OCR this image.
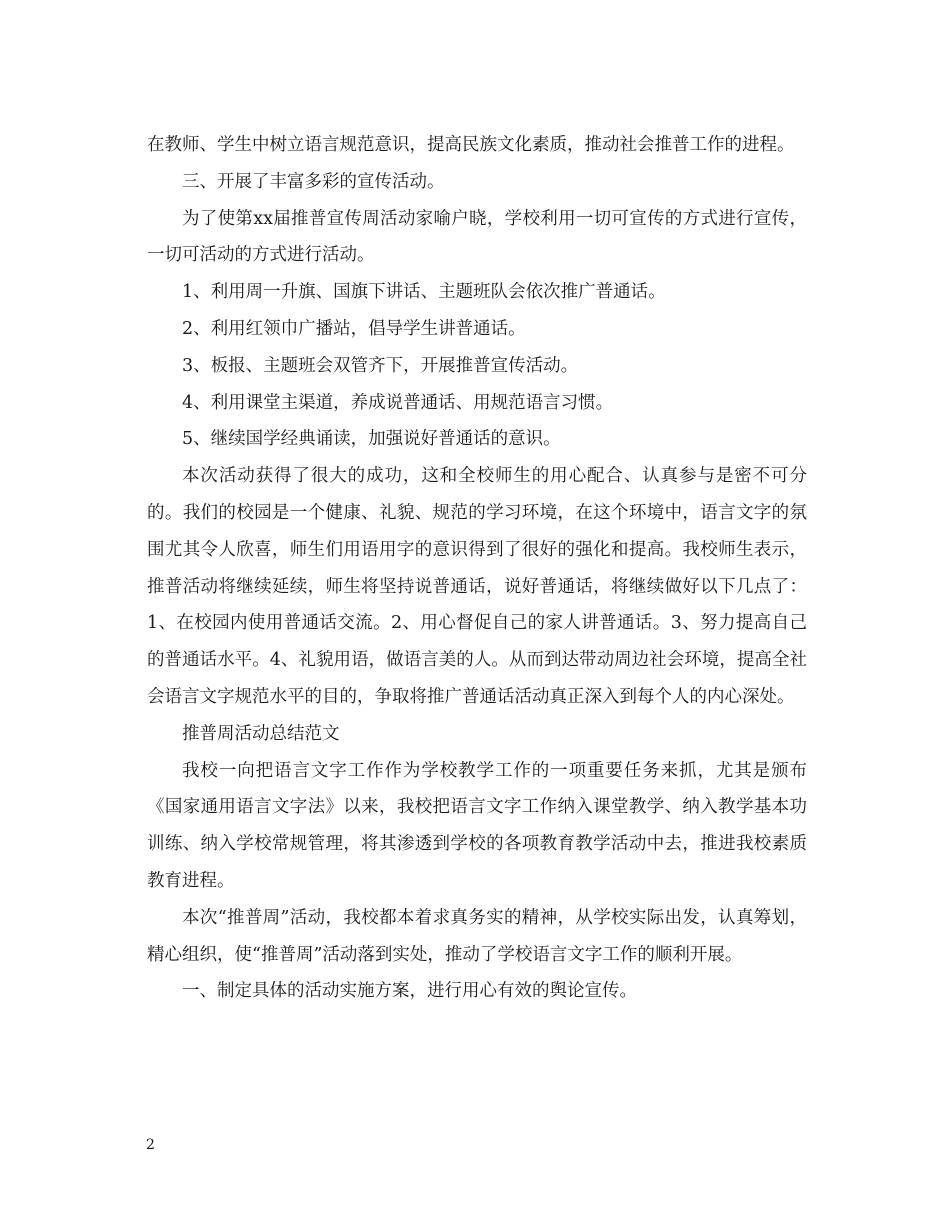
在教师、学生中树立语言规范意识，提高民族文化素质，推动社会推普工作的进程。

三、开展了丰富多彩的宣传活动。

为了使第xx届推普宣传周活动家喻户晓，学校利用一切可宣传的方式进行宣传，一切可活动的方式进行活动。

1、利用周一升旗、国旗下讲话、主题班队会依次推广普通话。

2、利用红领巾广播站，倡导学生讲普通话。

3、板报、主题班会双管齐下，开展推普宣传活动。

4、利用课堂主渠道，养成说普通话、用规范语言习惯。

5、继续国学经典诵读，加强说好普通话的意识。

本次活动获得了很大的成功，这和全校师生的用心配合、认真参与是密不可分的。我们的校园是一个健康、礼貌、规范的学习环境，在这个环境中，语言文字的氛围尤其令人欣喜，师生们用语用字的意识得到了很好的强化和提高。我校师生表示，推普活动将继续延续，师生将坚持说普通话，说好普通话，将继续做好以下几点了：1、在校园内使用普通话交流。2、用心督促自己的家人讲普通话。3、努力提高自己的普通话水平。4、礼貌用语，做语言美的人。从而到达带动周边社会环境，提高全社会语言文字规范水平的目的，争取将推广普通话活动真正深入到每个人的内心深处。

推普周活动总结范文

我校一向把语言文字工作作为学校教学工作的一项重要任务来抓，尤其是颁布《国家通用语言文字法》以来，我校把语言文字工作纳入课堂教学、纳入教学基本功训练、纳入学校常规管理，将其渗透到学校的各项教育教学活动中去，推进我校素质教育进程。

本次“推普周”活动，我校都本着求真务实的精神，从学校实际出发，认真筹划，精心组织，使“推普周”活动落到实处，推动了学校语言文字工作的顺利开展。

一、制定具体的活动实施方案，进行用心有效的舆论宣传。

2
